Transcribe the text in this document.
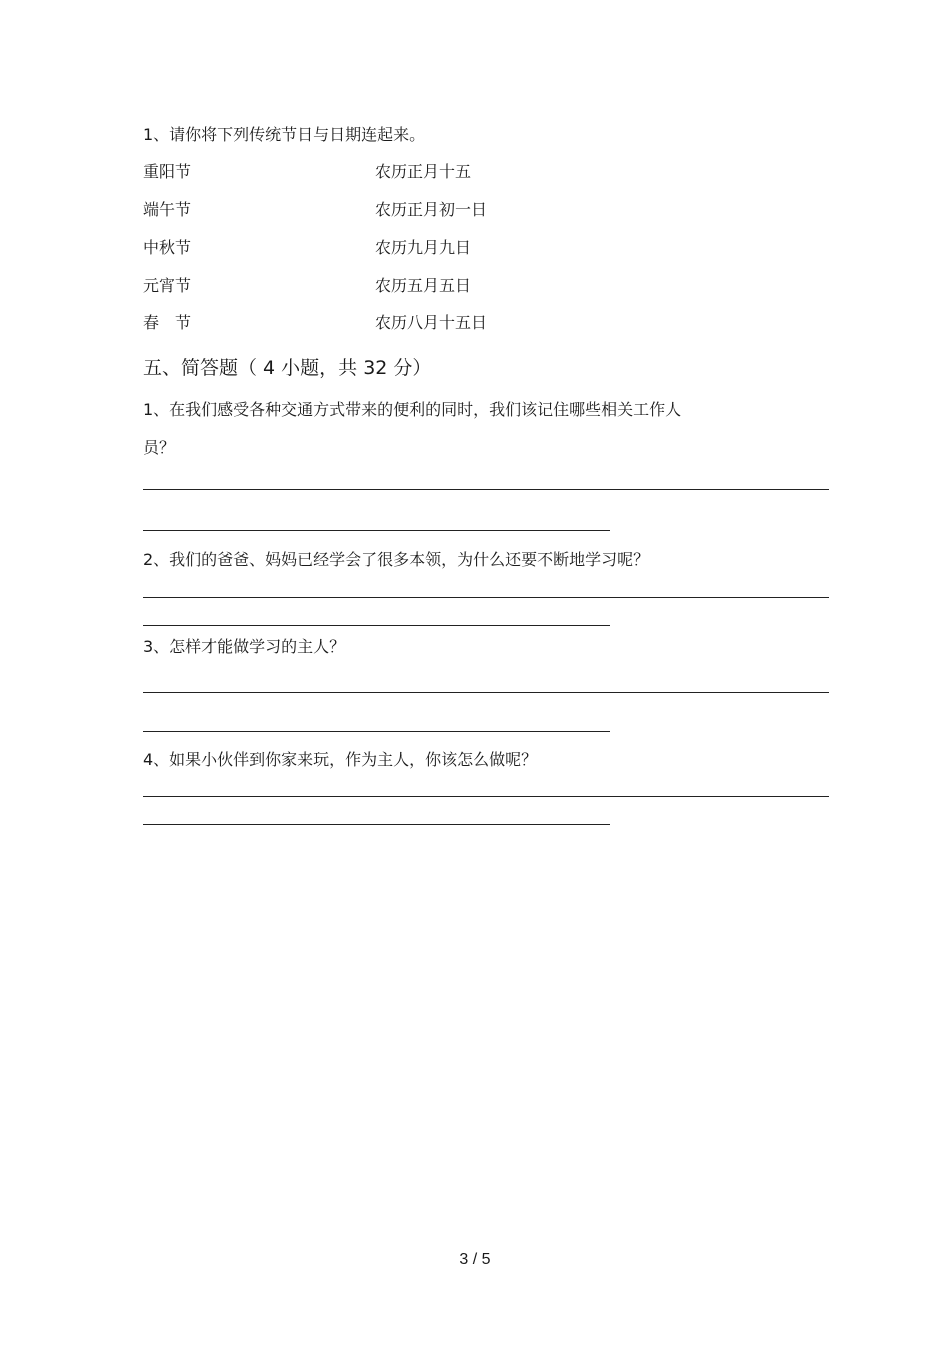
1、请你将下列传统节日与日期连起来。
重阳节	农历正月十五
端午节	农历正月初一日
中秋节	农历九月九日
元宵节	农历五月五日
春　节	农历八月十五日
五、简答题（ 4 小题，共 32 分）
1、在我们感受各种交通方式带来的便利的同时，我们该记住哪些相关工作人
员？
2、我们的爸爸、妈妈已经学会了很多本领，为什么还要不断地学习呢？
3、怎样才能做学习的主人？
4、如果小伙伴到你家来玩，作为主人，你该怎么做呢？
3 / 5
